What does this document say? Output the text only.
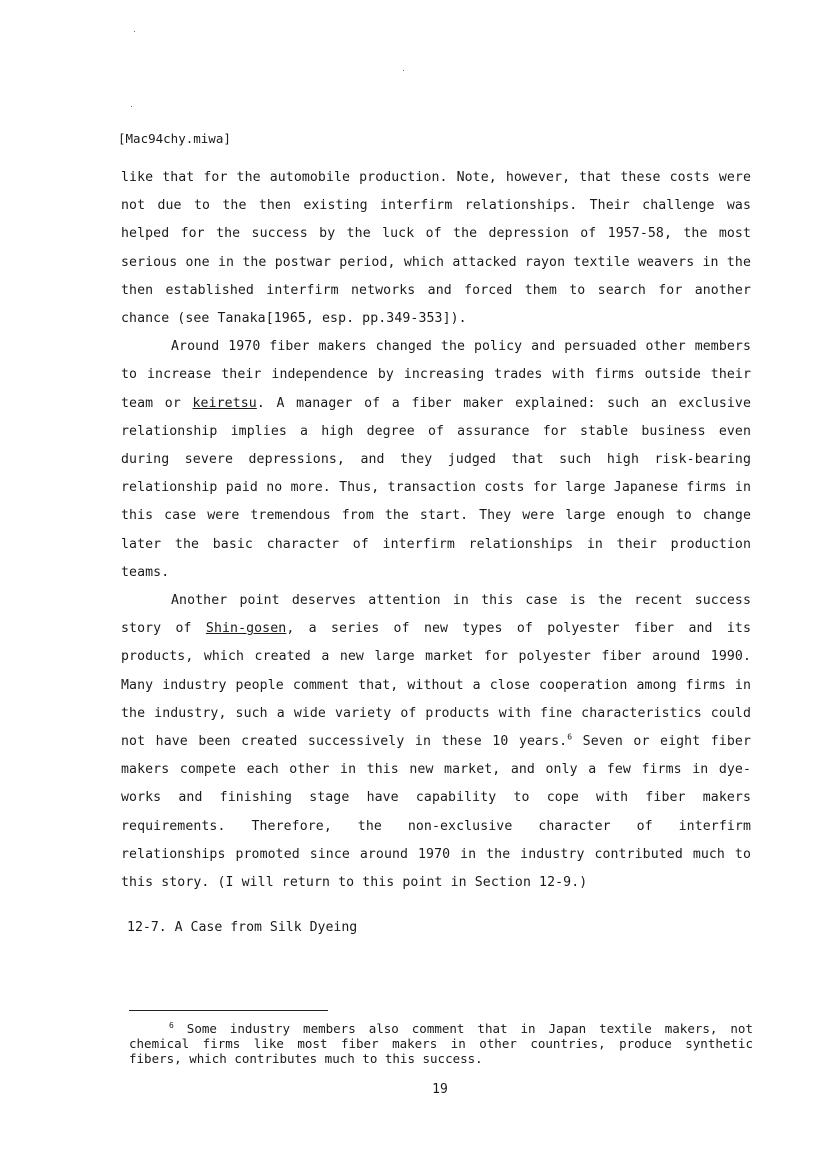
[Mac94chy.miwa]

like that for the automobile production. Note, however, that these costs were not due to the then existing interfirm relationships. Their challenge was helped for the success by the luck of the depression of 1957-58, the most serious one in the postwar period, which attacked rayon textile weavers in the then established interfirm networks and forced them to search for another chance (see Tanaka[1965, esp. pp.349-353]).

Around 1970 fiber makers changed the policy and persuaded other members to increase their independence by increasing trades with firms outside their team or keiretsu. A manager of a fiber maker explained: such an exclusive relationship implies a high degree of assurance for stable business even during severe depressions, and they judged that such high risk-bearing relationship paid no more. Thus, transaction costs for large Japanese firms in this case were tremendous from the start. They were large enough to change later the basic character of interfirm relationships in their production teams.

Another point deserves attention in this case is the recent success story of Shin-gosen, a series of new types of polyester fiber and its products, which created a new large market for polyester fiber around 1990. Many industry people comment that, without a close cooperation among firms in the industry, such a wide variety of products with fine characteristics could not have been created successively in these 10 years.$^6$ Seven or eight fiber makers compete each other in this new market, and only a few firms in dye-works and finishing stage have capability to cope with fiber makers requirements. Therefore, the non-exclusive character of interfirm relationships promoted since around 1970 in the industry contributed much to this story. (I will return to this point in Section 12-9.)

12-7. A Case from Silk Dyeing
$^6$ Some industry members also comment that in Japan textile makers, not chemical firms like most fiber makers in other countries, produce synthetic fibers, which contributes much to this success.
19
